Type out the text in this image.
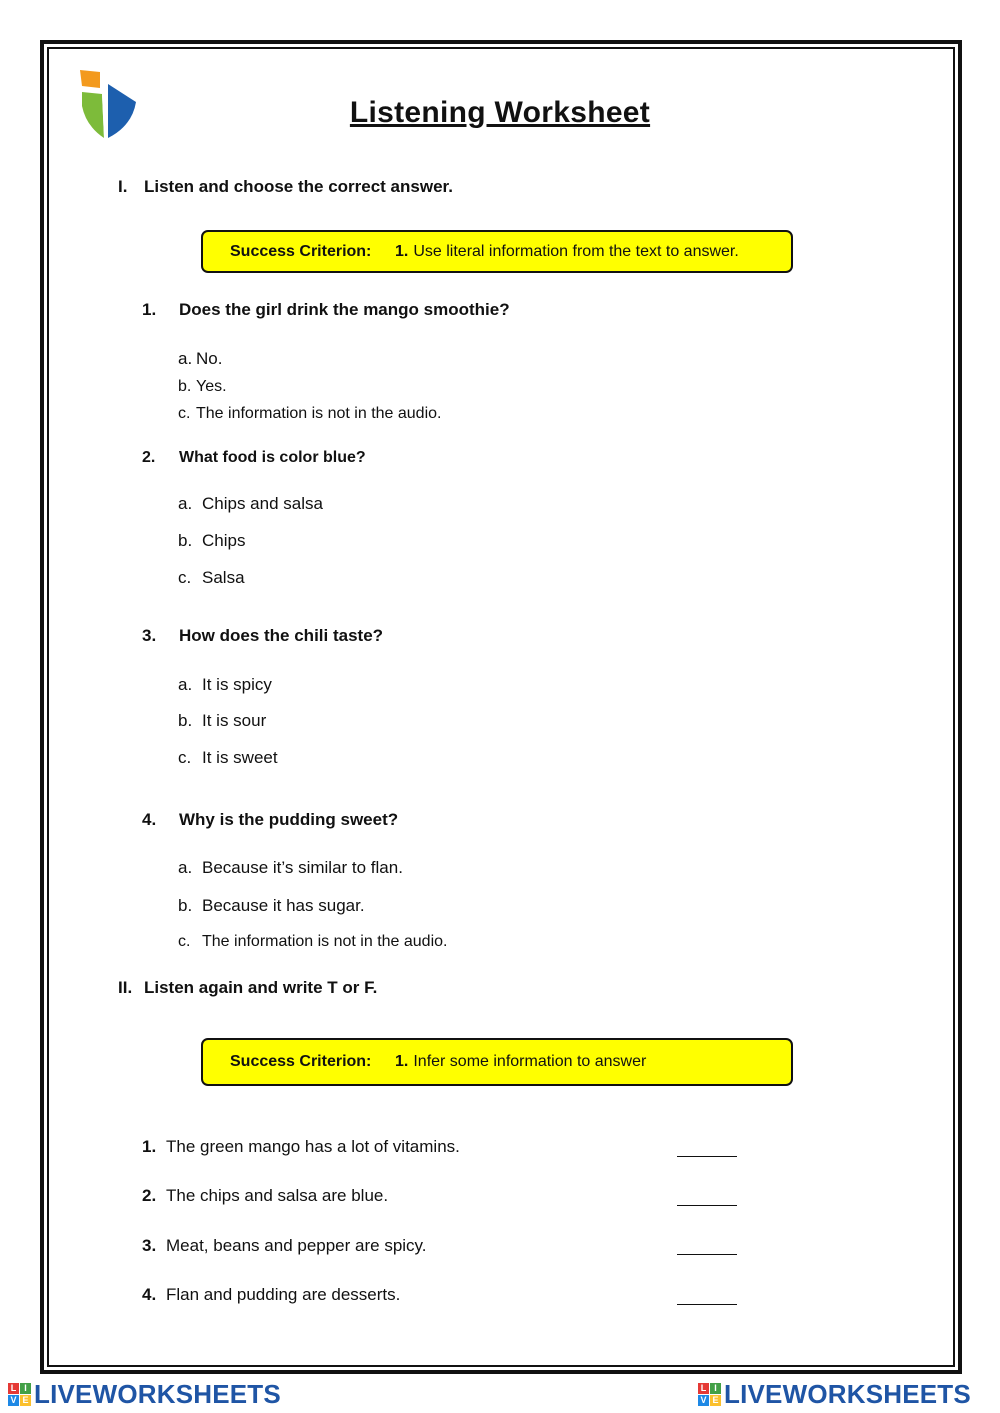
Listening Worksheet
I. Listen and choose the correct answer.
Success Criterion:	1. Use literal information from the text to answer.
1. Does the girl drink the mango smoothie?
a. No.
b. Yes.
c. The information is not in the audio.
2. What food is color blue?
a. Chips and salsa
b. Chips
c. Salsa
3. How does the chili taste?
a. It is spicy
b. It is sour
c. It is sweet
4. Why is the pudding sweet?
a. Because it’s similar to flan.
b. Because it has sugar.
c. The information is not in the audio.
II. Listen again and write T or F.
Success Criterion:	1. Infer some information to answer
1. The green mango has a lot of vitamins.
2. The chips and salsa are blue.
3. Meat, beans and pepper are spicy.
4. Flan and pudding are desserts.
L I
V E LIVEWORKSHEETS	L I
V E LIVEWORKSHEETS
